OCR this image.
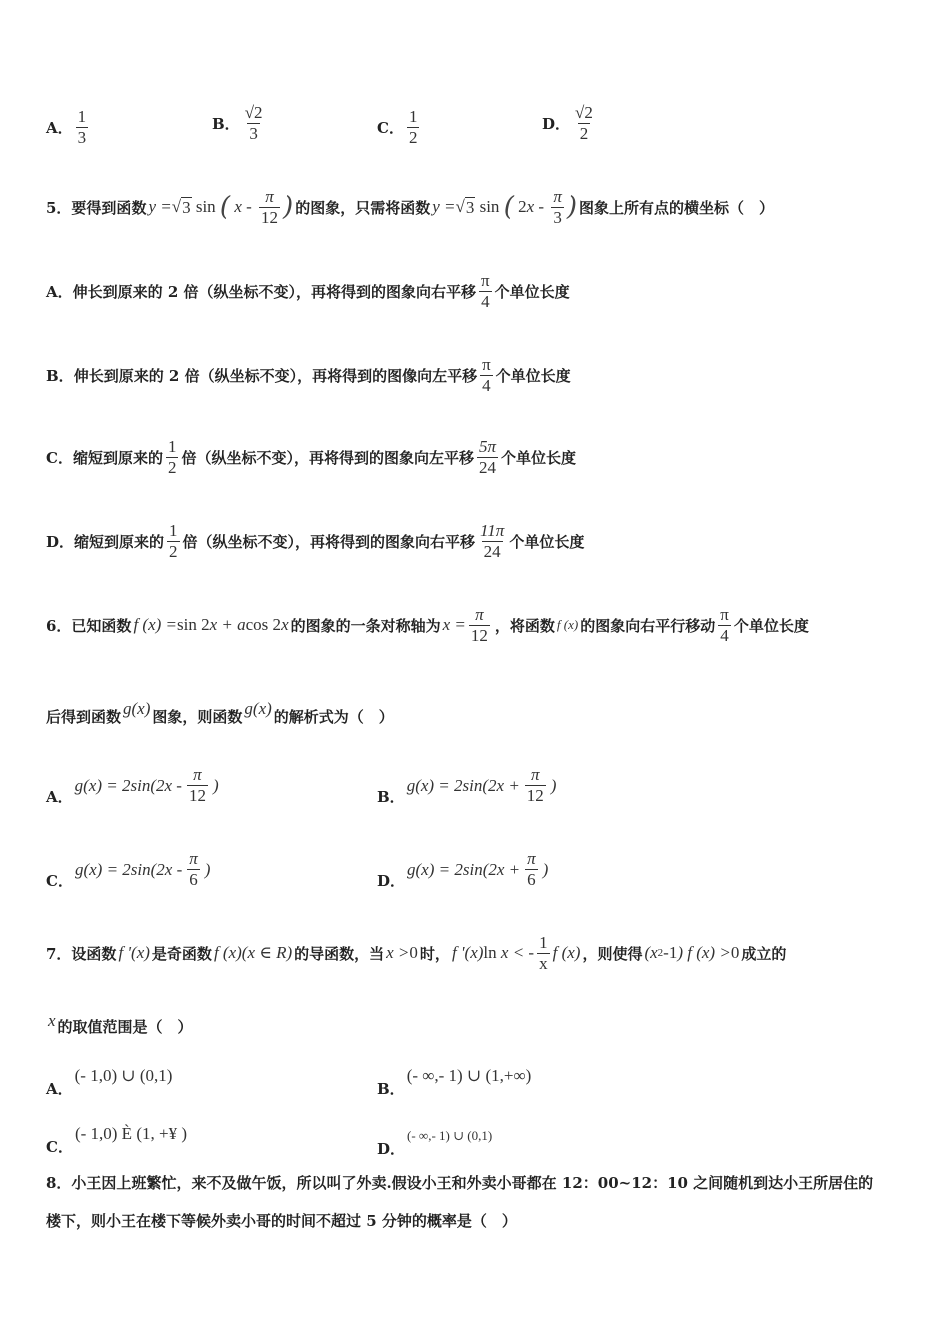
A． $\frac{1}{3}$	B． $\frac{√2}{3}$	C． $\frac{1}{2}$	D． $\frac{√2}{2}$
5．要得到函数 y = √ 3
sin
( x - $\frac{\pi}{12}$ ) 的图象，只需将函数 y = √ 3
sin
(
2 x - $\frac{\pi}{3}$ ) 图象上所有点的横坐标（　）
A． 伸长到原来的 2 倍（纵坐标不变），再将得到的图象向右平移 $\frac{\pi}{4}$ 个单位长度
B． 伸长到原来的 2 倍（纵坐标不变），再将得到的图像向左平移 $\frac{\pi}{4}$ 个单位长度
C． 缩短到原来的 $\frac{1}{2}$ 倍（纵坐标不变），再将得到的图象向左平移 $\frac{5\pi}{24}$ 个单位长度
D． 缩短到原来的 $\frac{1}{2}$ 倍（纵坐标不变），再将得到的图象向右平移 $\frac{11\pi}{24}$ 个单位长度
6．已知函数 f (x) = sin 2 x + a cos 2 x 的图象的一条对称轴为 $x = \frac{\pi}{12}$ ，将函数 f (x) 的图象向右平行移动 $\frac{\pi}{4}$ 个单位长度
后得到函数 g(x) 图象，则函数 g(x) 的解析式为（　）
A．
$g(x) = 2\sin(2x - \frac{\pi}{12}$ )
B．
$g(x) = 2\sin(2x + \frac{\pi}{12}$ )
C．
$g(x) = 2\sin(2x - \frac{\pi}{6}$ )
D．
$g(x) = 2\sin(2x + \frac{\pi}{6}$ )
7．设函数 f '(x) 是奇函数 f (x)(x ∈ R) 的导函数，当 x > 0 时， f '(x) ln x < - $\frac{1}{x}$ f (x) ，则使得 (x 2 - 1 ) f (x) > 0 成立的
x 的取值范围是（　）
A．
(- 1,0) ∪ (0,1)
B．
(- ∞,- 1) ∪ (1,+∞)
C．
(- 1,0) È (1, +¥ )
D．
(- ∞,- 1) ∪ (0,1)
8．小王因上班繁忙，来不及做午饭，所以叫了外卖.假设小王和外卖小哥都在 12：00~12：10 之间随机到达小王所居住的
楼下，则小王在楼下等候外卖小哥的时间不超过 5 分钟的概率是（　）
